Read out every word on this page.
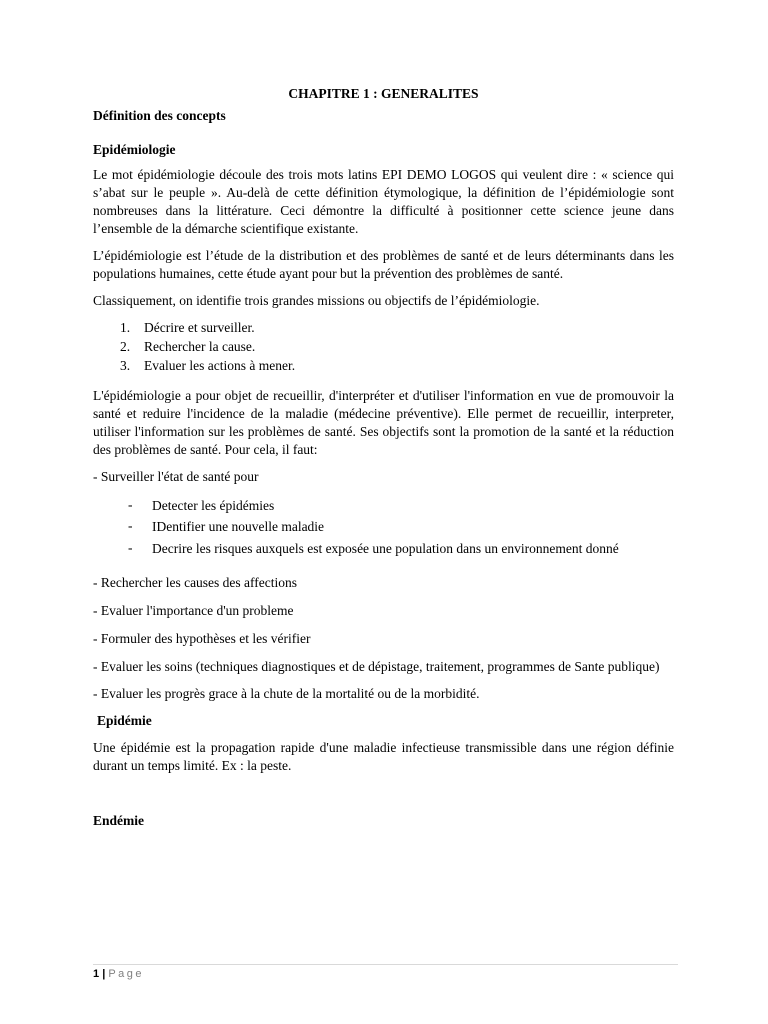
CHAPITRE 1 : GENERALITES

Définition des concepts

Epidémiologie

Le mot épidémiologie découle des trois mots latins EPI DEMO LOGOS qui veulent dire : « science qui s’abat sur le peuple ». Au-delà de cette définition étymologique, la définition de l’épidémiologie sont nombreuses dans la littérature. Ceci démontre la difficulté à positionner cette science jeune dans l’ensemble de la démarche scientifique existante.

L’épidémiologie est l’étude de la distribution et des problèmes de santé et de leurs déterminants dans les populations humaines, cette étude ayant pour but la prévention des problèmes de santé.

Classiquement, on identifie trois grandes missions ou objectifs de l’épidémiologie.

1. Décrire et surveiller.
2. Rechercher la cause.
3. Evaluer les actions à mener.

L'épidémiologie a pour objet de recueillir, d'interpréter et d'utiliser l'information en vue de promouvoir la santé et reduire l'incidence de la maladie (médecine préventive). Elle permet de recueillir, interpreter, utiliser l'information sur les problèmes de santé. Ses objectifs sont la promotion de la santé et la réduction des problèmes de santé. Pour cela, il faut:

- Surveiller l'état de santé pour

- Detecter les épidémies
- IDentifier une nouvelle maladie
- Decrire les risques auxquels est exposée une population dans un environnement donné

- Rechercher les causes des affections

- Evaluer l'importance d'un probleme

- Formuler des hypothèses et les vérifier

- Evaluer les soins (techniques diagnostiques et de dépistage, traitement, programmes de Sante publique)

- Evaluer les progrès grace à la chute de la mortalité ou de la morbidité.

Epidémie

Une épidémie est la propagation rapide d'une maladie infectieuse transmissible dans une région définie durant un temps limité. Ex : la peste.

Endémie

1 | Page
